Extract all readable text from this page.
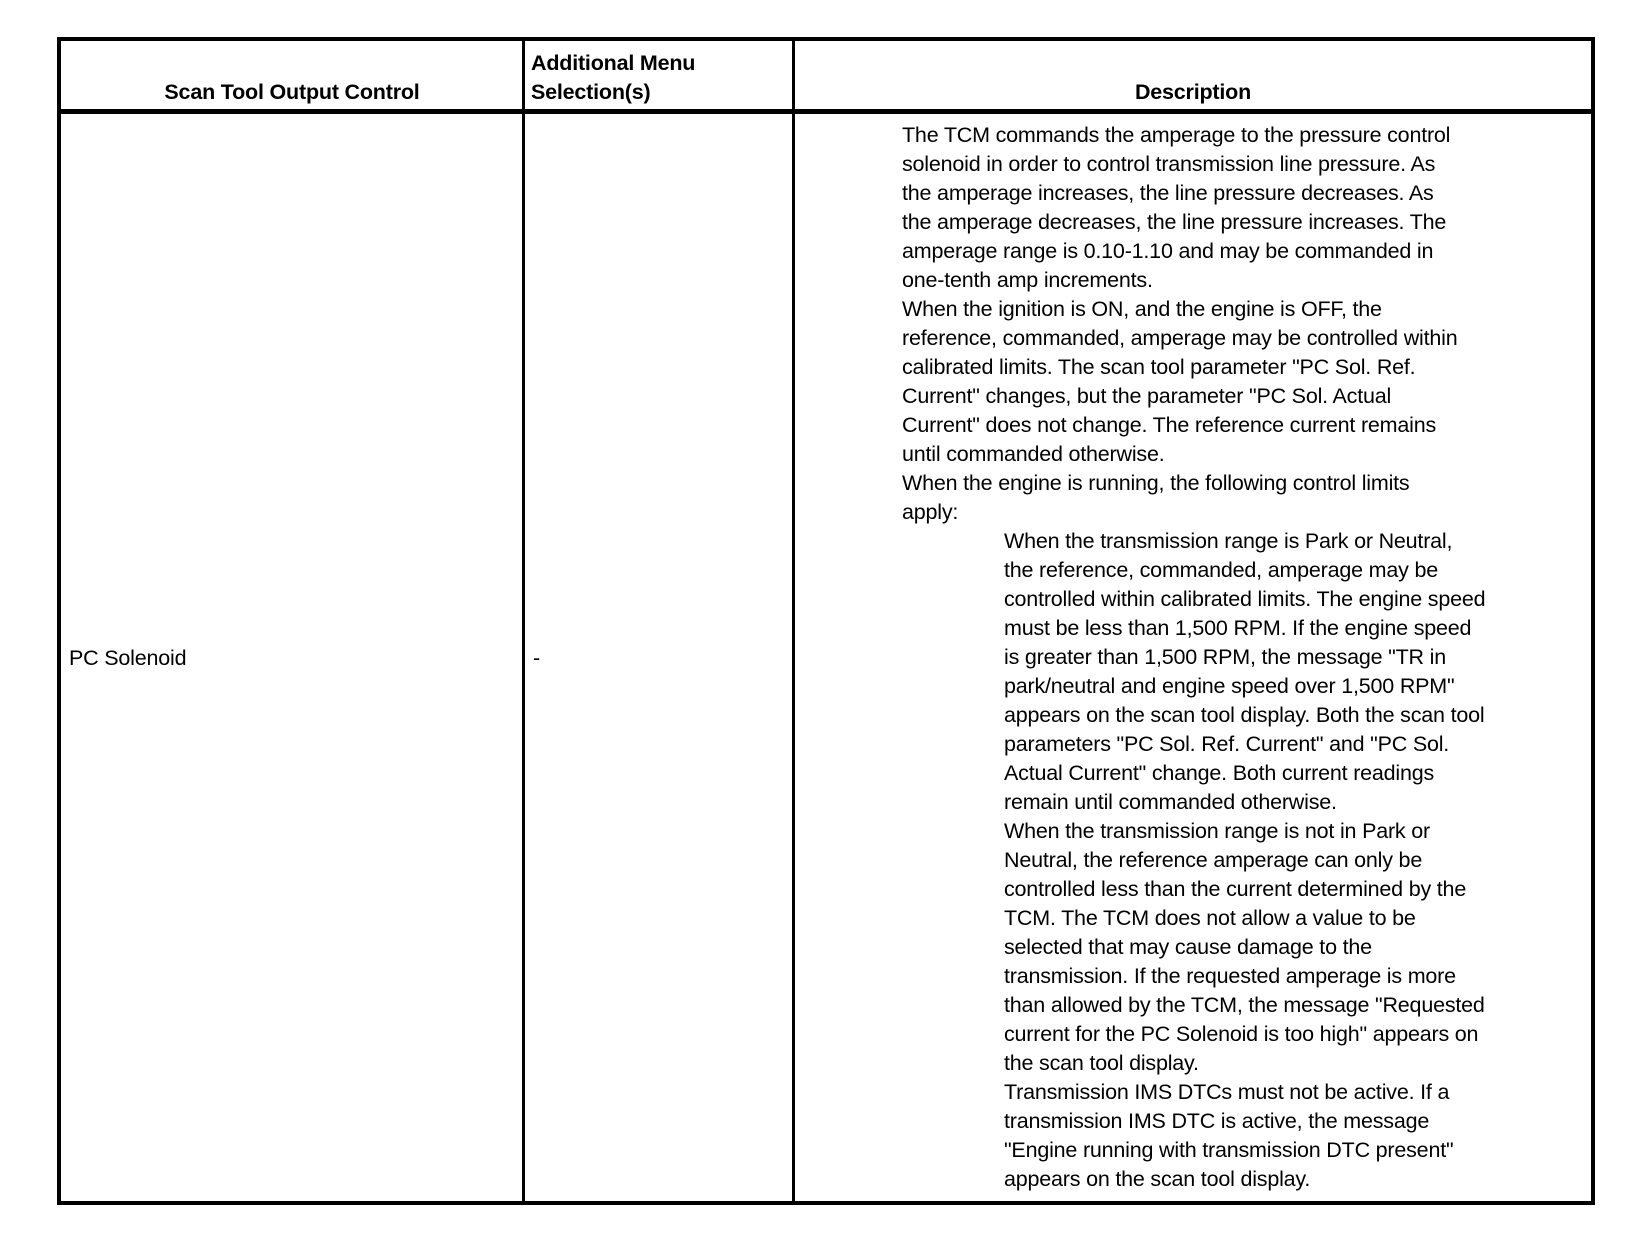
Scan Tool Output Control
Additional Menu
Selection(s)	Description
PC Solenoid	-
The TCM commands the amperage to the pressure control
solenoid in order to control transmission line pressure. As
the amperage increases, the line pressure decreases. As
the amperage decreases, the line pressure increases. The
amperage range is 0.10-1.10 and may be commanded in
one-tenth amp increments.
When the ignition is ON, and the engine is OFF, the
reference, commanded, amperage may be controlled within
calibrated limits. The scan tool parameter "PC Sol. Ref.
Current" changes, but the parameter "PC Sol. Actual
Current" does not change. The reference current remains
until commanded otherwise.
When the engine is running, the following control limits
apply:
When the transmission range is Park or Neutral,
the reference, commanded, amperage may be
controlled within calibrated limits. The engine speed
must be less than 1,500 RPM. If the engine speed
is greater than 1,500 RPM, the message "TR in
park/neutral and engine speed over 1,500 RPM"
appears on the scan tool display. Both the scan tool
parameters "PC Sol. Ref. Current" and "PC Sol.
Actual Current" change. Both current readings
remain until commanded otherwise.
When the transmission range is not in Park or
Neutral, the reference amperage can only be
controlled less than the current determined by the
TCM. The TCM does not allow a value to be
selected that may cause damage to the
transmission. If the requested amperage is more
than allowed by the TCM, the message "Requested
current for the PC Solenoid is too high" appears on
the scan tool display.
Transmission IMS DTCs must not be active. If a
transmission IMS DTC is active, the message
"Engine running with transmission DTC present"
appears on the scan tool display.
